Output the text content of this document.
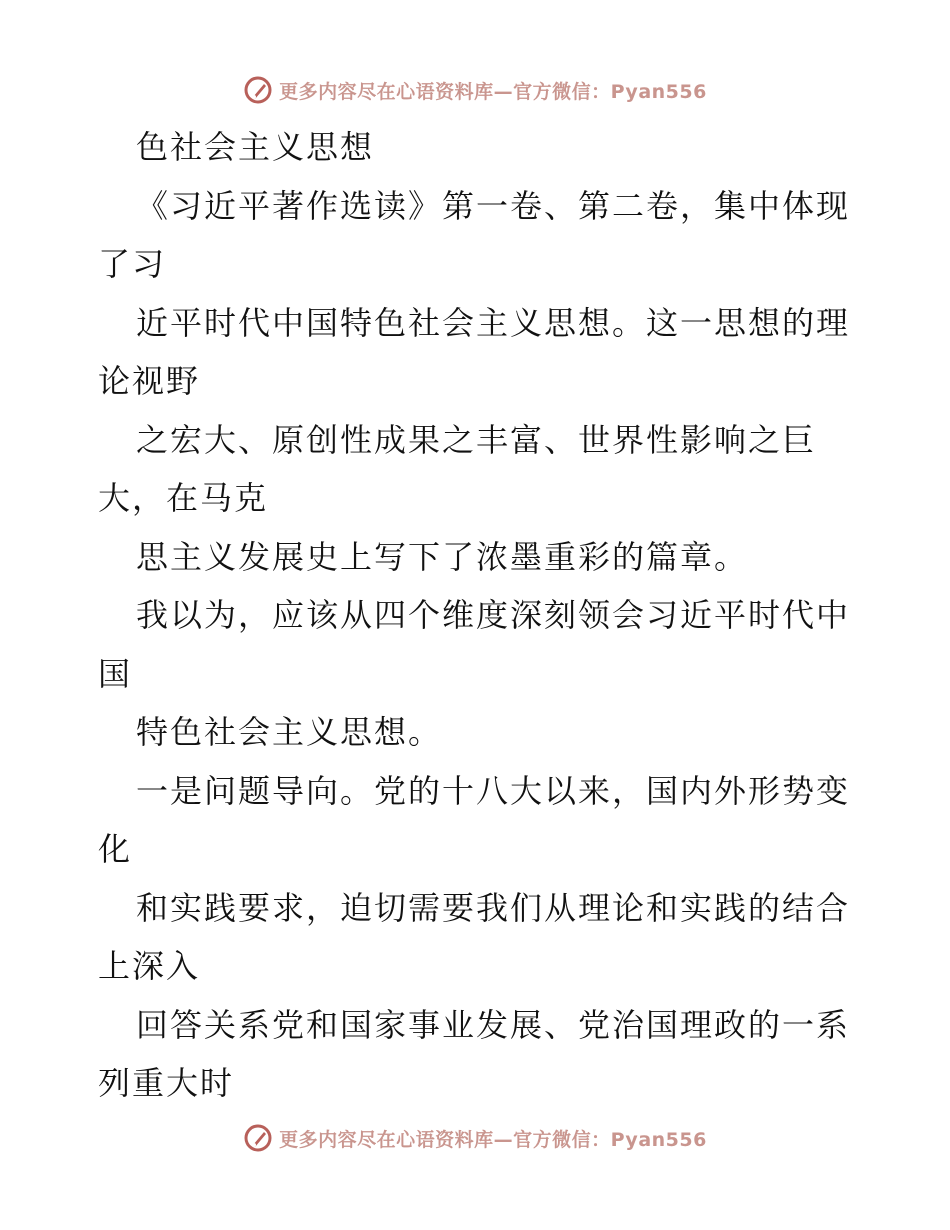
更多内容尽在心语资料库—官方微信：Pyan556
色社会主义思想
《习近平著作选读》第一卷、第二卷，集中体现
了习
近平时代中国特色社会主义思想。这一思想的理
论视野
之宏大、原创性成果之丰富、世界性影响之巨
大，在马克
思主义发展史上写下了浓墨重彩的篇章。
我以为，应该从四个维度深刻领会习近平时代中
国
特色社会主义思想。
一是问题导向。党的十八大以来，国内外形势变
化
和实践要求，迫切需要我们从理论和实践的结合
上深入
回答关系党和国家事业发展、党治国理政的一系
列重大时
更多内容尽在心语资料库—官方微信：Pyan556
